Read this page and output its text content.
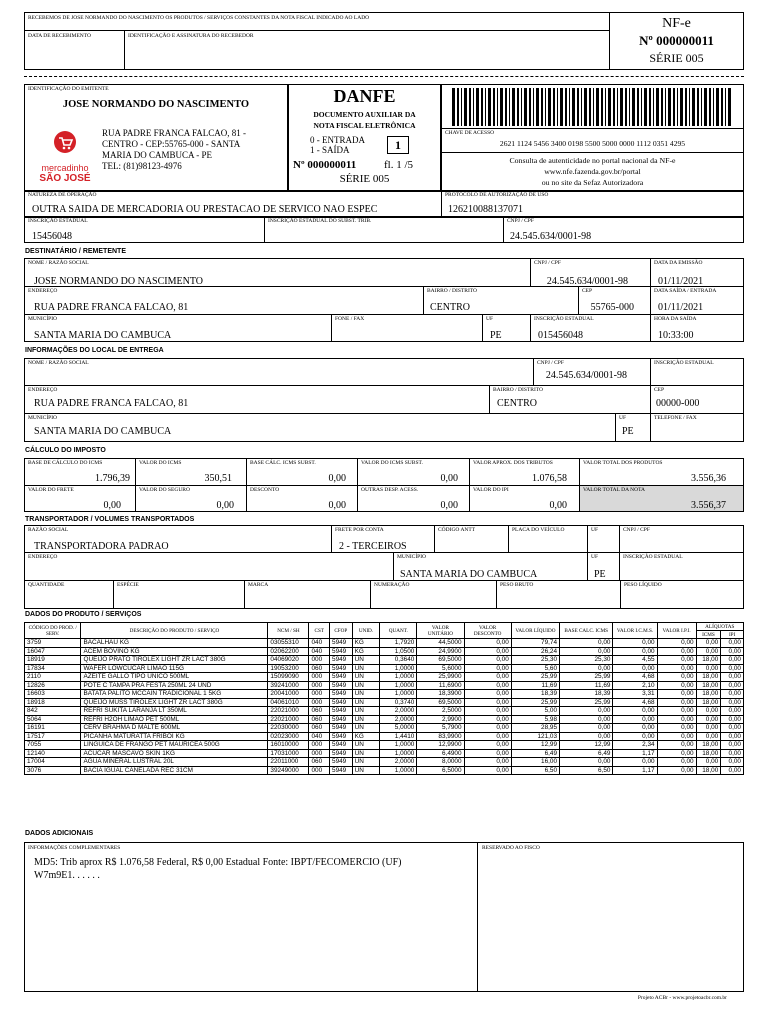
RECEBEMOS DE JOSE NORMANDO DO NASCIMENTO OS PRODUTOS / SERVIÇOS CONSTANTES DA NOTA FISCAL INDICADO AO LADO
DATA DE RECEBIMENTO	IDENTIFICAÇÃO E ASSINATURA DO RECEBEDOR
NF-e
Nº 000000011
SÉRIE 005
IDENTIFICAÇÃO DO EMITENTE
JOSE NORMANDO DO NASCIMENTO
mercadinho
SÃO JOSÉ
RUA PADRE FRANCA FALCAO, 81 -
CENTRO - CEP:55765-000 - SANTA
MARIA DO CAMBUCA - PE
TEL: (81)98123-4976
DANFE
DOCUMENTO AUXILIAR DA
NOTA FISCAL ELETRÔNICA
0 - ENTRADA
1 - SAÍDA	1
Nº 000000011	fl. 1 /5
SÉRIE 005
CHAVE DE ACESSO
2621 1124 5456 3400 0198 5500 5000 0000 1112 0351 4295
Consulta de autenticidade no portal nacional da NF-e
www.nfe.fazenda.gov.br/portal
ou no site da Sefaz Autorizadora
NATUREZA DE OPERAÇÃO
OUTRA SAIDA DE MERCADORIA OU PRESTACAO DE SERVICO NAO ESPEC
PROTOCOLO DE AUTORIZAÇÃO DE USO
126210088137071
INSCRIÇÃO ESTADUAL
15456048
INSCRIÇÃO ESTADUAL DO SUBST. TRIB.	CNPJ / CPF
24.545.634/0001-98
DESTINATÁRIO / REMETENTE
NOME / RAZÃO SOCIAL
JOSE NORMANDO DO NASCIMENTO
CNPJ / CPF
24.545.634/0001-98
DATA DA EMISSÃO
01/11/2021
ENDEREÇO
RUA PADRE FRANCA FALCAO, 81
BAIRRO / DISTRITO
CENTRO
CEP
55765-000
DATA SAÍDA / ENTRADA
01/11/2021
MUNICÍPIO
SANTA MARIA DO CAMBUCA
FONE / FAX	UF
PE
INSCRIÇÃO ESTADUAL
015456048
HORA DA SAÍDA
10:33:00
INFORMAÇÕES DO LOCAL DE ENTREGA
NOME / RAZÃO SOCIAL	CNPJ / CPF
24.545.634/0001-98
INSCRIÇÃO ESTADUAL
ENDEREÇO
RUA PADRE FRANCA FALCAO, 81
BAIRRO / DISTRITO
CENTRO
CEP
00000-000
MUNICÍPIO
SANTA MARIA DO CAMBUCA
UF
PE
TELEFONE / FAX
CÁLCULO DO IMPOSTO
BASE DE CÁLCULO DO ICMS
1.796,39
VALOR DO ICMS
350,51
BASE CÁLC. ICMS SUBST.
0,00
VALOR DO ICMS SUBST.
0,00
VALOR APROX. DOS TRIBUTOS
1.076,58
VALOR TOTAL DOS PRODUTOS
3.556,36
VALOR DO FRETE
0,00
VALOR DO SEGURO
0,00
DESCONTO
0,00
OUTRAS DESP. ACESS.
0,00
VALOR DO IPI
0,00
VALOR TOTAL DA NOTA
3.556,37
TRANSPORTADOR / VOLUMES TRANSPORTADOS
RAZÃO SOCIAL
TRANSPORTADORA PADRAO
FRETE POR CONTA
2 - TERCEIROS
CÓDIGO ANTT	PLACA DO VEÍCULO	UF	CNPJ / CPF
ENDEREÇO	MUNICÍPIO
SANTA MARIA DO CAMBUCA
UF
PE
INSCRIÇÃO ESTADUAL
QUANTIDADE	ESPÉCIE	MARCA	NUMERAÇÃO	PESO BRUTO	PESO LÍQUIDO
DADOS DO PRODUTO / SERVIÇOS
CÓDIGO DO PROD. / SERV.	DESCRIÇÃO DO PRODUTO / SERVIÇO	NCM / SH	CST	CFOP	UNID.	QUANT.	VALOR UNITÁRIO	VALOR DESCONTO	VALOR LÍQUIDO	BASE CALC. ICMS	VALOR I.C.M.S.	VALOR I.P.I.	ALÍQUOTAS	
													ICMS	IPI
3759	BACALHAU KG	03055310	040	5949	KG	1,7920	44,5000	0,00	79,74	0,00	0,00	0,00	0,00	0,00
16047	ACEM BOVINO KG	02062200	040	5949	KG	1,0500	24,9900	0,00	26,24	0,00	0,00	0,00	0,00	0,00
18919	QUEIJO PRATO TIROLEX LIGHT ZR LACT 380G	04069020	000	5949	UN	0,3640	69,5000	0,00	25,30	25,30	4,55	0,00	18,00	0,00
17834	WAFER LOWCUCAR LIMAO 115G	19053200	060	5949	UN	1,0000	5,6000	0,00	5,60	0,00	0,00	0,00	0,00	0,00
2110	AZEITE GALLO TIPO UNICO 500ML	15099090	000	5949	UN	1,0000	25,9900	0,00	25,99	25,99	4,68	0,00	18,00	0,00
12826	POTE C TAMPA PRA FESTA 250ML 24 UND	39241000	000	5949	UN	1,0000	11,6900	0,00	11,69	11,69	2,10	0,00	18,00	0,00
16603	BATATA PALITO MCCAIN TRADICIONAL 1 5KG	20041000	000	5949	UN	1,0000	18,3900	0,00	18,39	18,39	3,31	0,00	18,00	0,00
18918	QUEIJO MUSS TIROLEX LIGHT ZR LACT 380G	04061010	000	5949	UN	0,3740	69,5000	0,00	25,99	25,99	4,68	0,00	18,00	0,00
842	REFRI SUKITA LARANJA LT 350ML	22021000	060	5949	UN	2,0000	2,5000	0,00	5,00	0,00	0,00	0,00	0,00	0,00
5064	REFRI H2OH LIMAO PET 500ML	22021000	060	5949	UN	2,0000	2,9900	0,00	5,98	0,00	0,00	0,00	0,00	0,00
16191	CERV BRAHMA D MALTE 600ML	22030000	060	5949	UN	5,0000	5,7900	0,00	28,95	0,00	0,00	0,00	0,00	0,00
17517	PICANHA MATURATTA FRIBOI KG	02023000	040	5949	KG	1,4410	83,9900	0,00	121,03	0,00	0,00	0,00	0,00	0,00
7055	LINGUICA DE FRANGO PET MAURICEA 500G	16010000	000	5949	UN	1,0000	12,9900	0,00	12,99	12,99	2,34	0,00	18,00	0,00
12140	ACUCAR MASCAVO SKIN 1KG	17031000	000	5949	UN	1,0000	6,4900	0,00	6,49	6,49	1,17	0,00	18,00	0,00
17004	AGUA MINERAL LUSTRAL 20L	22011000	060	5949	UN	2,0000	8,0000	0,00	16,00	0,00	0,00	0,00	0,00	0,00
3076	BACIA IGUAL CANELADA REC 31CM	39249000	000	5949	UN	1,0000	6,5000	0,00	6,50	6,50	1,17	0,00	18,00	0,00
DADOS ADICIONAIS
INFORMAÇÕES COMPLEMENTARES
MD5: Trib aprox R$ 1.076,58 Federal, R$ 0,00 Estadual Fonte: IBPT/FECOMERCIO (UF)
W7m9E1. . . . . .
RESERVADO AO FISCO
Projeto ACBr - www.projetoacbr.com.br
